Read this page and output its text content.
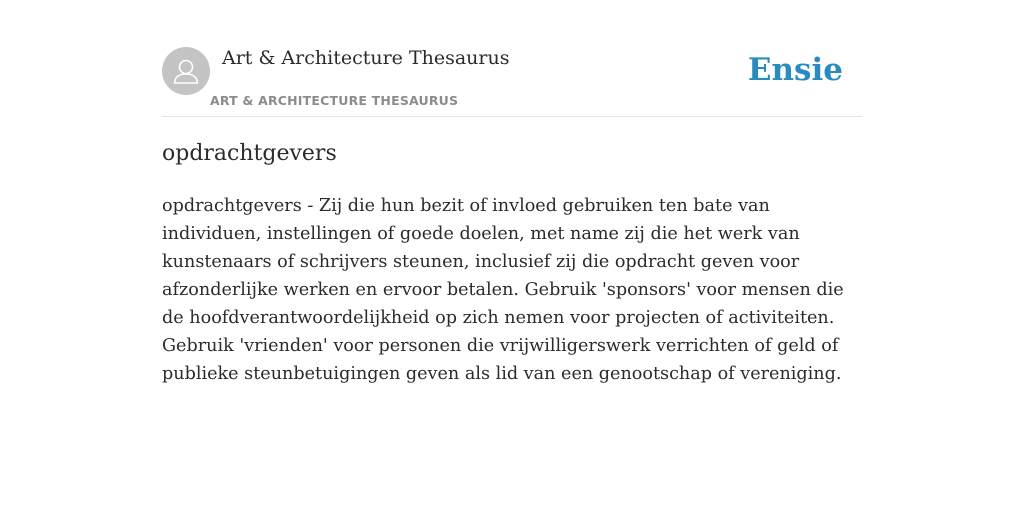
Art & Architecture Thesaurus
ART & ARCHITECTURE THESAURUS
Ensie
opdrachtgevers

opdrachtgevers - Zij die hun bezit of invloed gebruiken ten bate van individuen, instellingen of goede doelen, met name zij die het werk van kunstenaars of schrijvers steunen, inclusief zij die opdracht geven voor afzonderlijke werken en ervoor betalen. Gebruik 'sponsors' voor mensen die de hoofdverantwoordelijkheid op zich nemen voor projecten of activiteiten. Gebruik 'vrienden' voor personen die vrijwilligerswerk verrichten of geld of publieke steunbetuigingen geven als lid van een genootschap of vereniging.
